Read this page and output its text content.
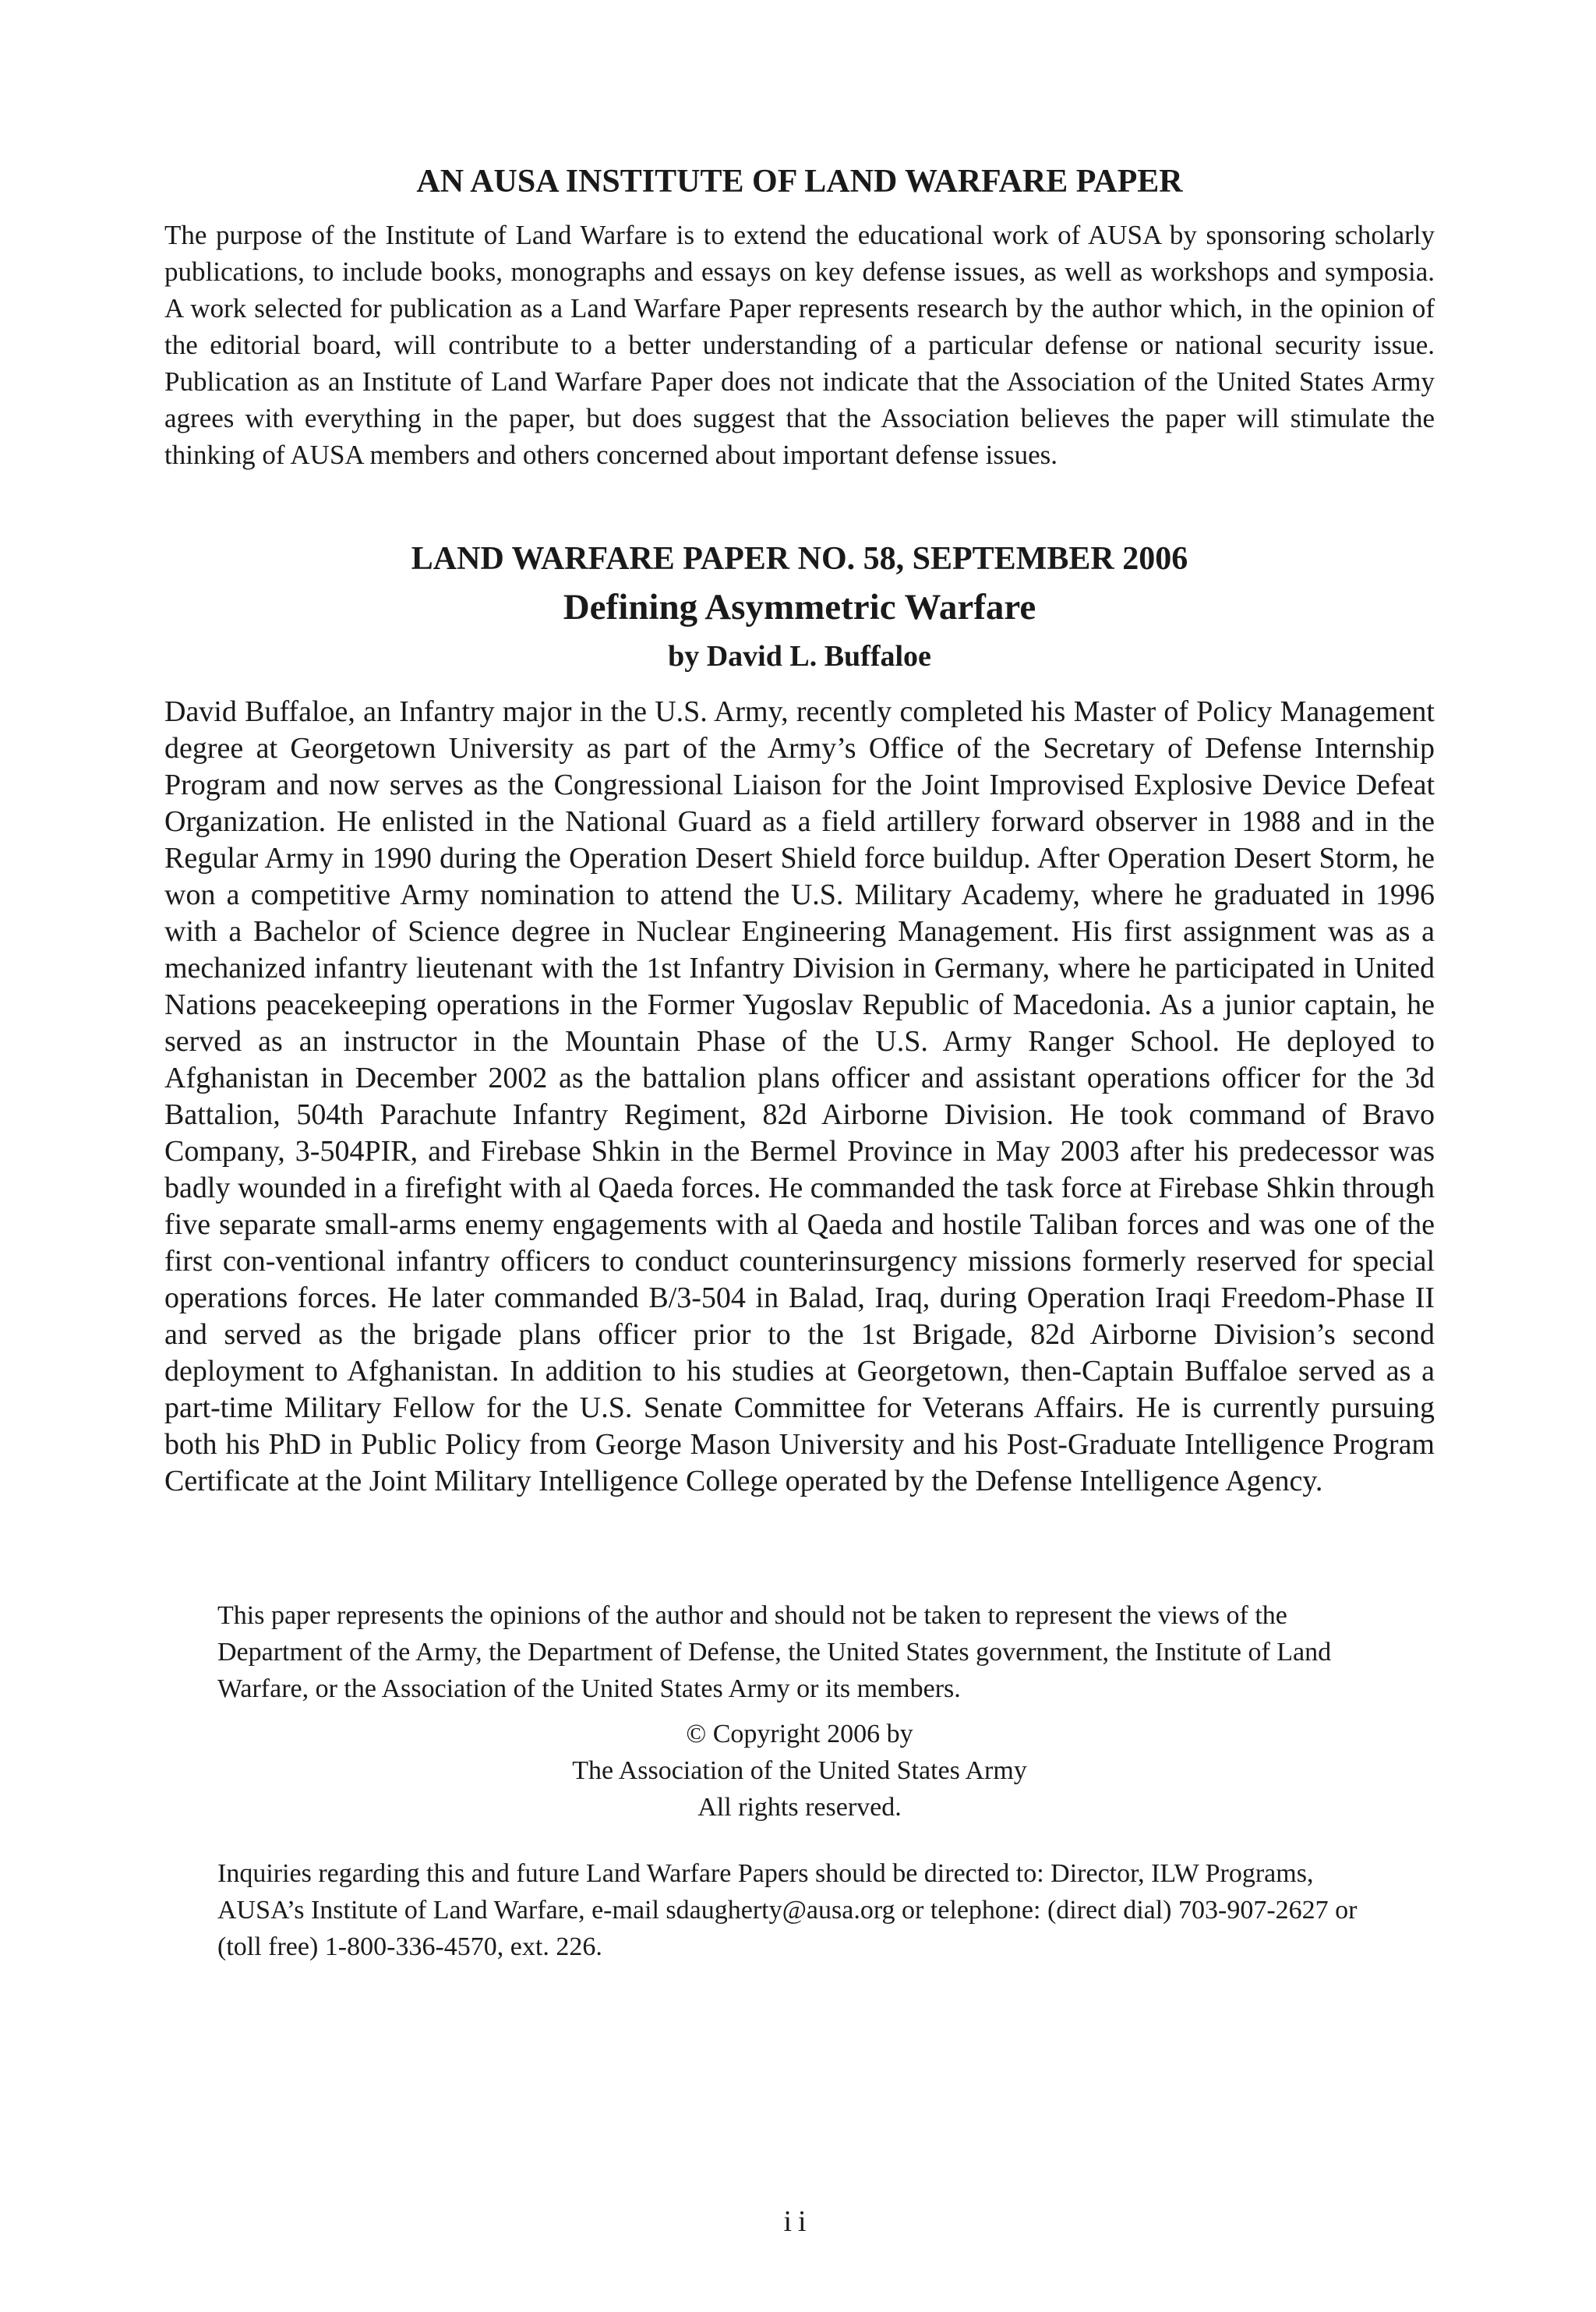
AN AUSA INSTITUTE OF LAND WARFARE PAPER

The purpose of the Institute of Land Warfare is to extend the educational work of AUSA by sponsoring scholarly publications, to include books, monographs and essays on key defense issues, as well as workshops and symposia. A work selected for publication as a Land Warfare Paper represents research by the author which, in the opinion of the editorial board, will contribute to a better understanding of a particular defense or national security issue. Publication as an Institute of Land Warfare Paper does not indicate that the Association of the United States Army agrees with everything in the paper, but does suggest that the Association believes the paper will stimulate the thinking of AUSA members and others concerned about important defense issues.

LAND WARFARE PAPER NO. 58, SEPTEMBER 2006
Defining Asymmetric Warfare
by David L. Buffaloe

David Buffaloe, an Infantry major in the U.S. Army, recently completed his Master of Policy Management degree at Georgetown University as part of the Army’s Office of the Secretary of Defense Internship Program and now serves as the Congressional Liaison for the Joint Improvised Explosive Device Defeat Organization. He enlisted in the National Guard as a field artillery forward observer in 1988 and in the Regular Army in 1990 during the Operation Desert Shield force buildup. After Operation Desert Storm, he won a competitive Army nomination to attend the U.S. Military Academy, where he graduated in 1996 with a Bachelor of Science degree in Nuclear Engineering Management. His first assignment was as a mechanized infantry lieutenant with the 1st Infantry Division in Germany, where he participated in United Nations peacekeeping operations in the Former Yugoslav Republic of Macedonia. As a junior captain, he served as an instructor in the Mountain Phase of the U.S. Army Ranger School. He deployed to Afghanistan in December 2002 as the battalion plans officer and assistant operations officer for the 3d Battalion, 504th Parachute Infantry Regiment, 82d Airborne Division. He took command of Bravo Company, 3-504PIR, and Firebase Shkin in the Bermel Province in May 2003 after his predecessor was badly wounded in a firefight with al Qaeda forces. He commanded the task force at Firebase Shkin through five separate small-arms enemy engagements with al Qaeda and hostile Taliban forces and was one of the first con-ventional infantry officers to conduct counterinsurgency missions formerly reserved for special operations forces. He later commanded B/3-504 in Balad, Iraq, during Operation Iraqi Freedom-Phase II and served as the brigade plans officer prior to the 1st Brigade, 82d Airborne Division’s second deployment to Afghanistan. In addition to his studies at Georgetown, then-Captain Buffaloe served as a part-time Military Fellow for the U.S. Senate Committee for Veterans Affairs. He is currently pursuing both his PhD in Public Policy from George Mason University and his Post-Graduate Intelligence Program Certificate at the Joint Military Intelligence College operated by the Defense Intelligence Agency.

This paper represents the opinions of the author and should not be taken to represent the views of the Department of the Army, the Department of Defense, the United States government, the Institute of Land Warfare, or the Association of the United States Army or its members.

© Copyright 2006 by
The Association of the United States Army
All rights reserved.

Inquiries regarding this and future Land Warfare Papers should be directed to: Director, ILW Programs, AUSA’s Institute of Land Warfare, e-mail sdaugherty@ausa.org or telephone: (direct dial) 703-907-2627 or (toll free) 1-800-336-4570, ext. 226.

ii
